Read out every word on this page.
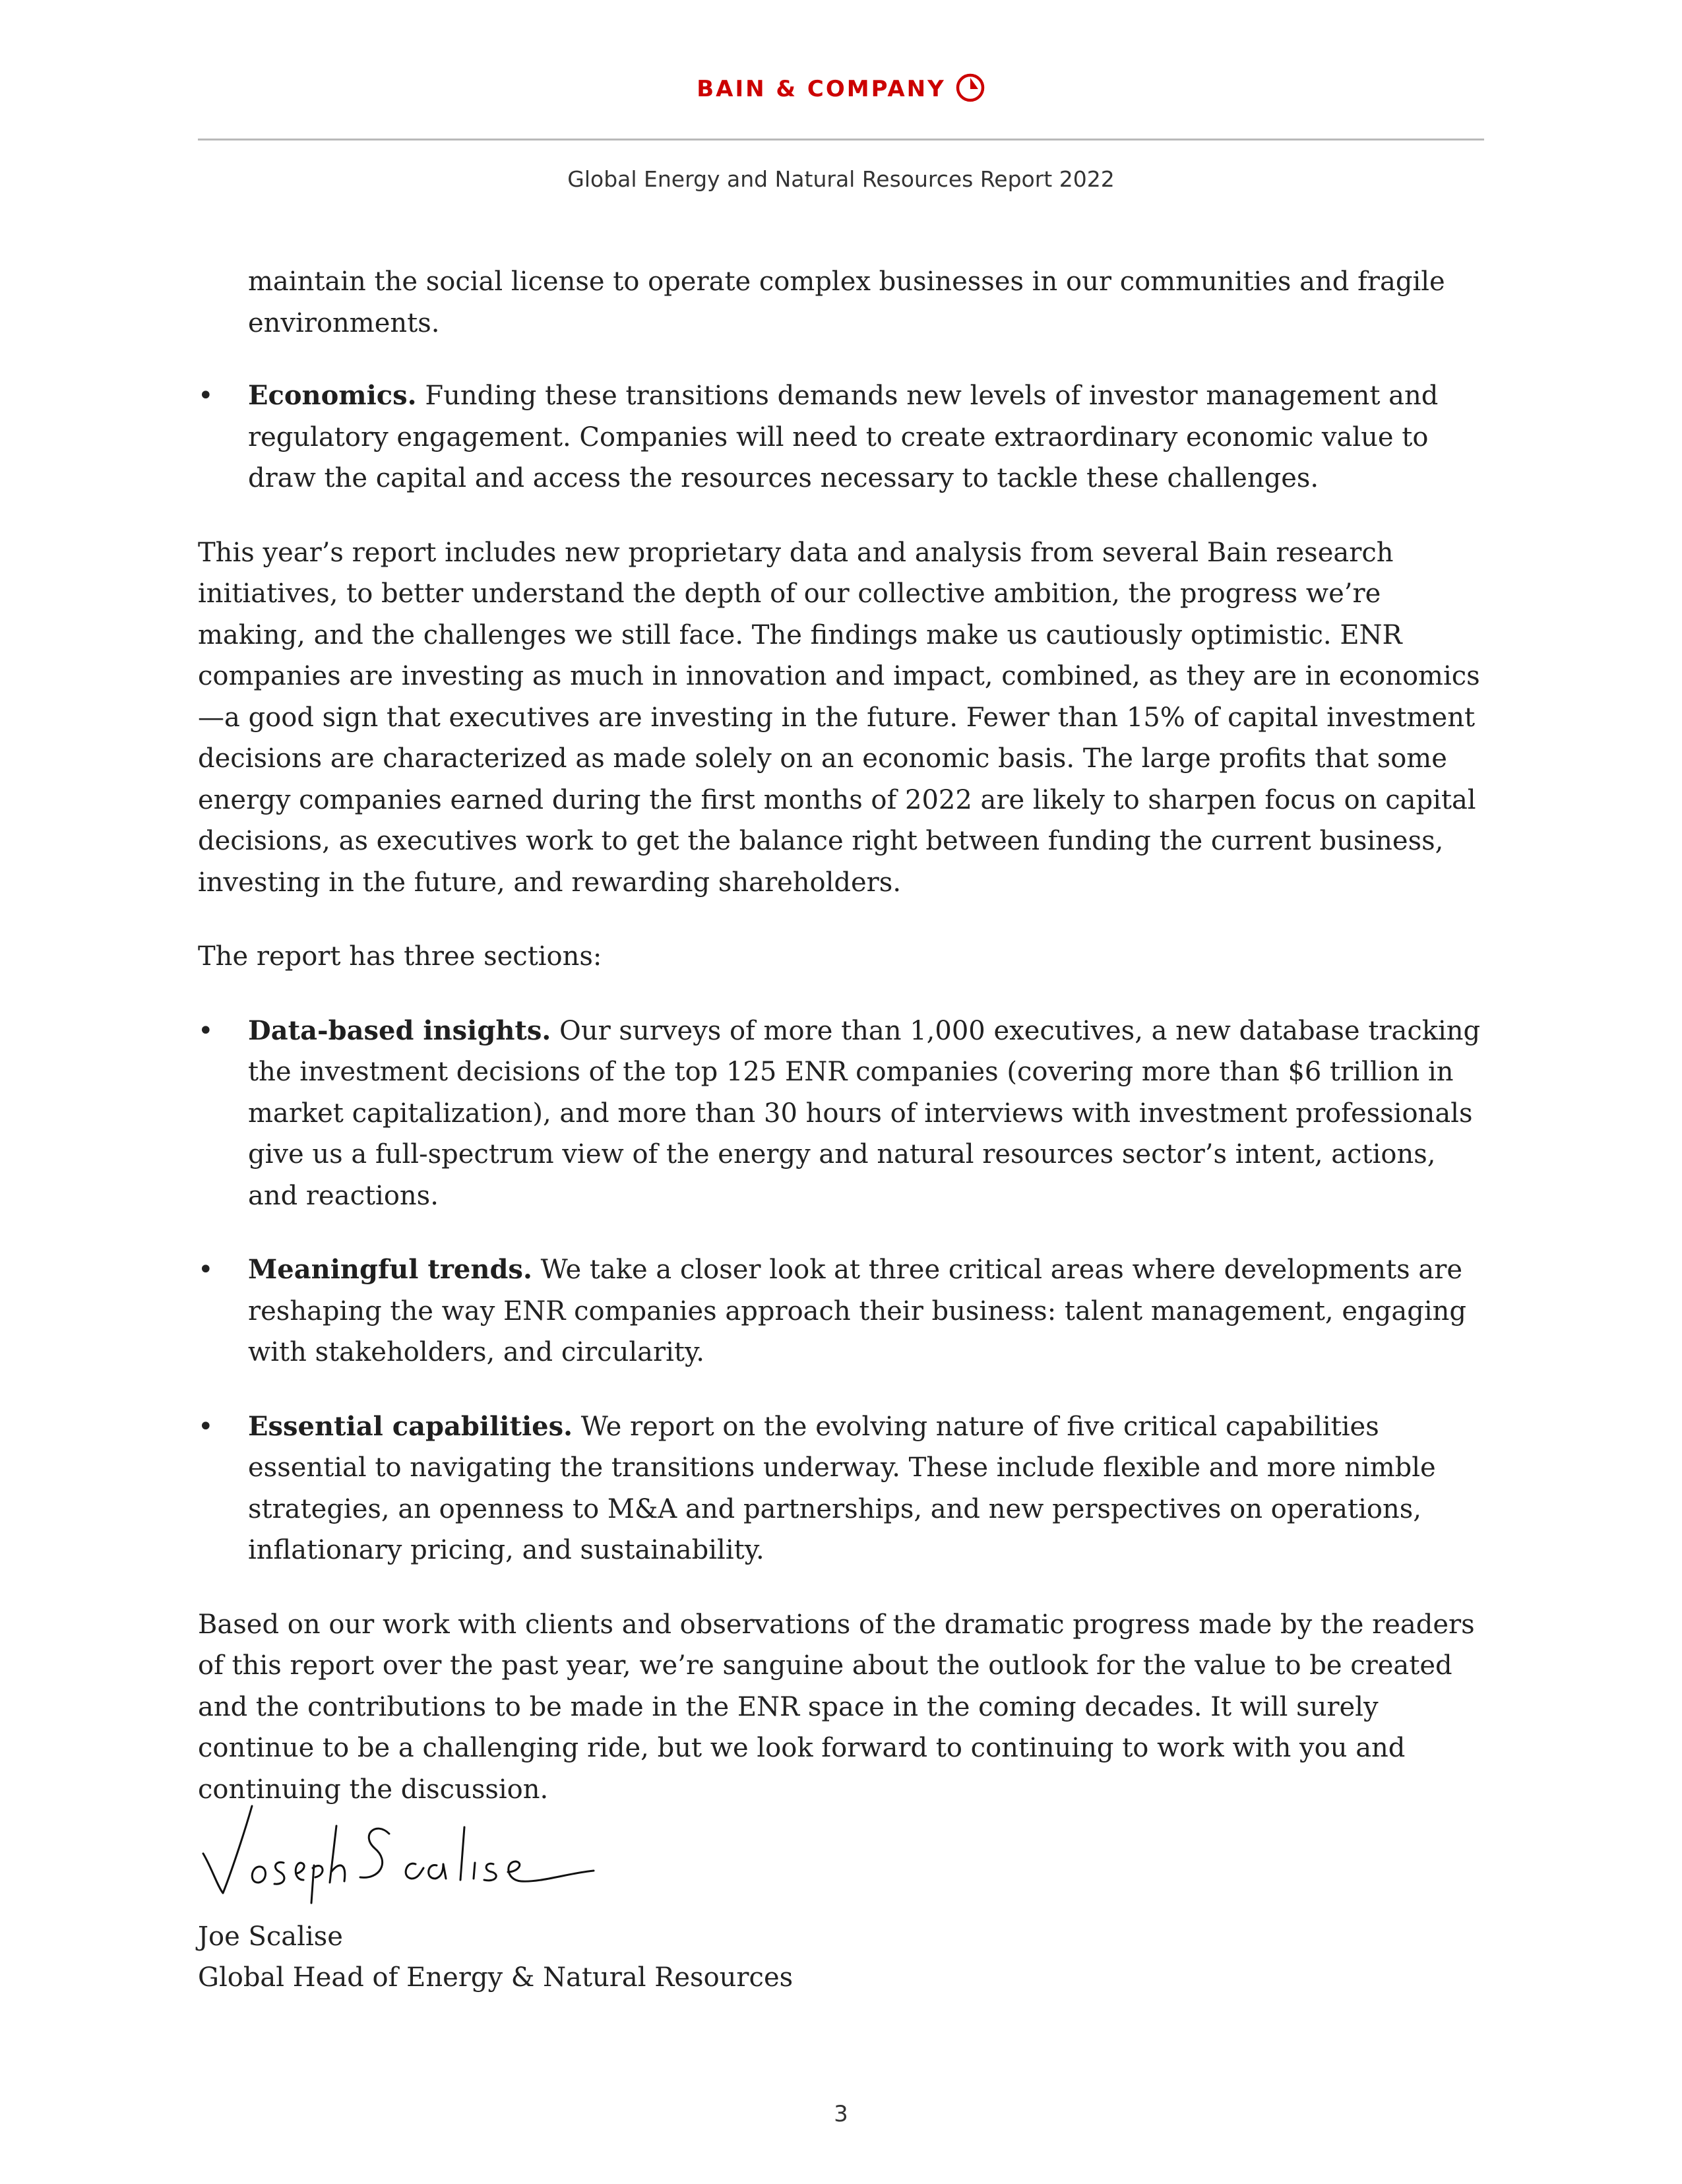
BAIN & COMPANY
Global Energy and Natural Resources Report 2022

maintain the social license to operate complex businesses in our communities and fragile environments.

• Economics. Funding these transitions demands new levels of investor management and regulatory engagement. Companies will need to create extraordinary economic value to draw the capital and access the resources necessary to tackle these challenges.

This year’s report includes new proprietary data and analysis from several Bain research initiatives, to better understand the depth of our collective ambition, the progress we’re making, and the challenges we still face. The findings make us cautiously optimistic. ENR companies are investing as much in innovation and impact, combined, as they are in economics—a good sign that executives are investing in the future. Fewer than 15% of capital investment decisions are characterized as made solely on an economic basis. The large profits that some energy companies earned during the first months of 2022 are likely to sharpen focus on capital decisions, as executives work to get the balance right between funding the current business, investing in the future, and rewarding shareholders.

The report has three sections:

• Data-based insights. Our surveys of more than 1,000 executives, a new database tracking the investment decisions of the top 125 ENR companies (covering more than $6 trillion in market capitalization), and more than 30 hours of interviews with investment professionals give us a full-spectrum view of the energy and natural resources sector’s intent, actions, and reactions.

• Meaningful trends. We take a closer look at three critical areas where developments are reshaping the way ENR companies approach their business: talent management, engaging with stakeholders, and circularity.

• Essential capabilities. We report on the evolving nature of five critical capabilities essential to navigating the transitions underway. These include flexible and more nimble strategies, an openness to M&A and partnerships, and new perspectives on operations, inflationary pricing, and sustainability.

Based on our work with clients and observations of the dramatic progress made by the readers of this report over the past year, we’re sanguine about the outlook for the value to be created and the contributions to be made in the ENR space in the coming decades. It will surely continue to be a challenging ride, but we look forward to continuing to work with you and continuing the discussion.

Joe Scalise
Global Head of Energy & Natural Resources
3
